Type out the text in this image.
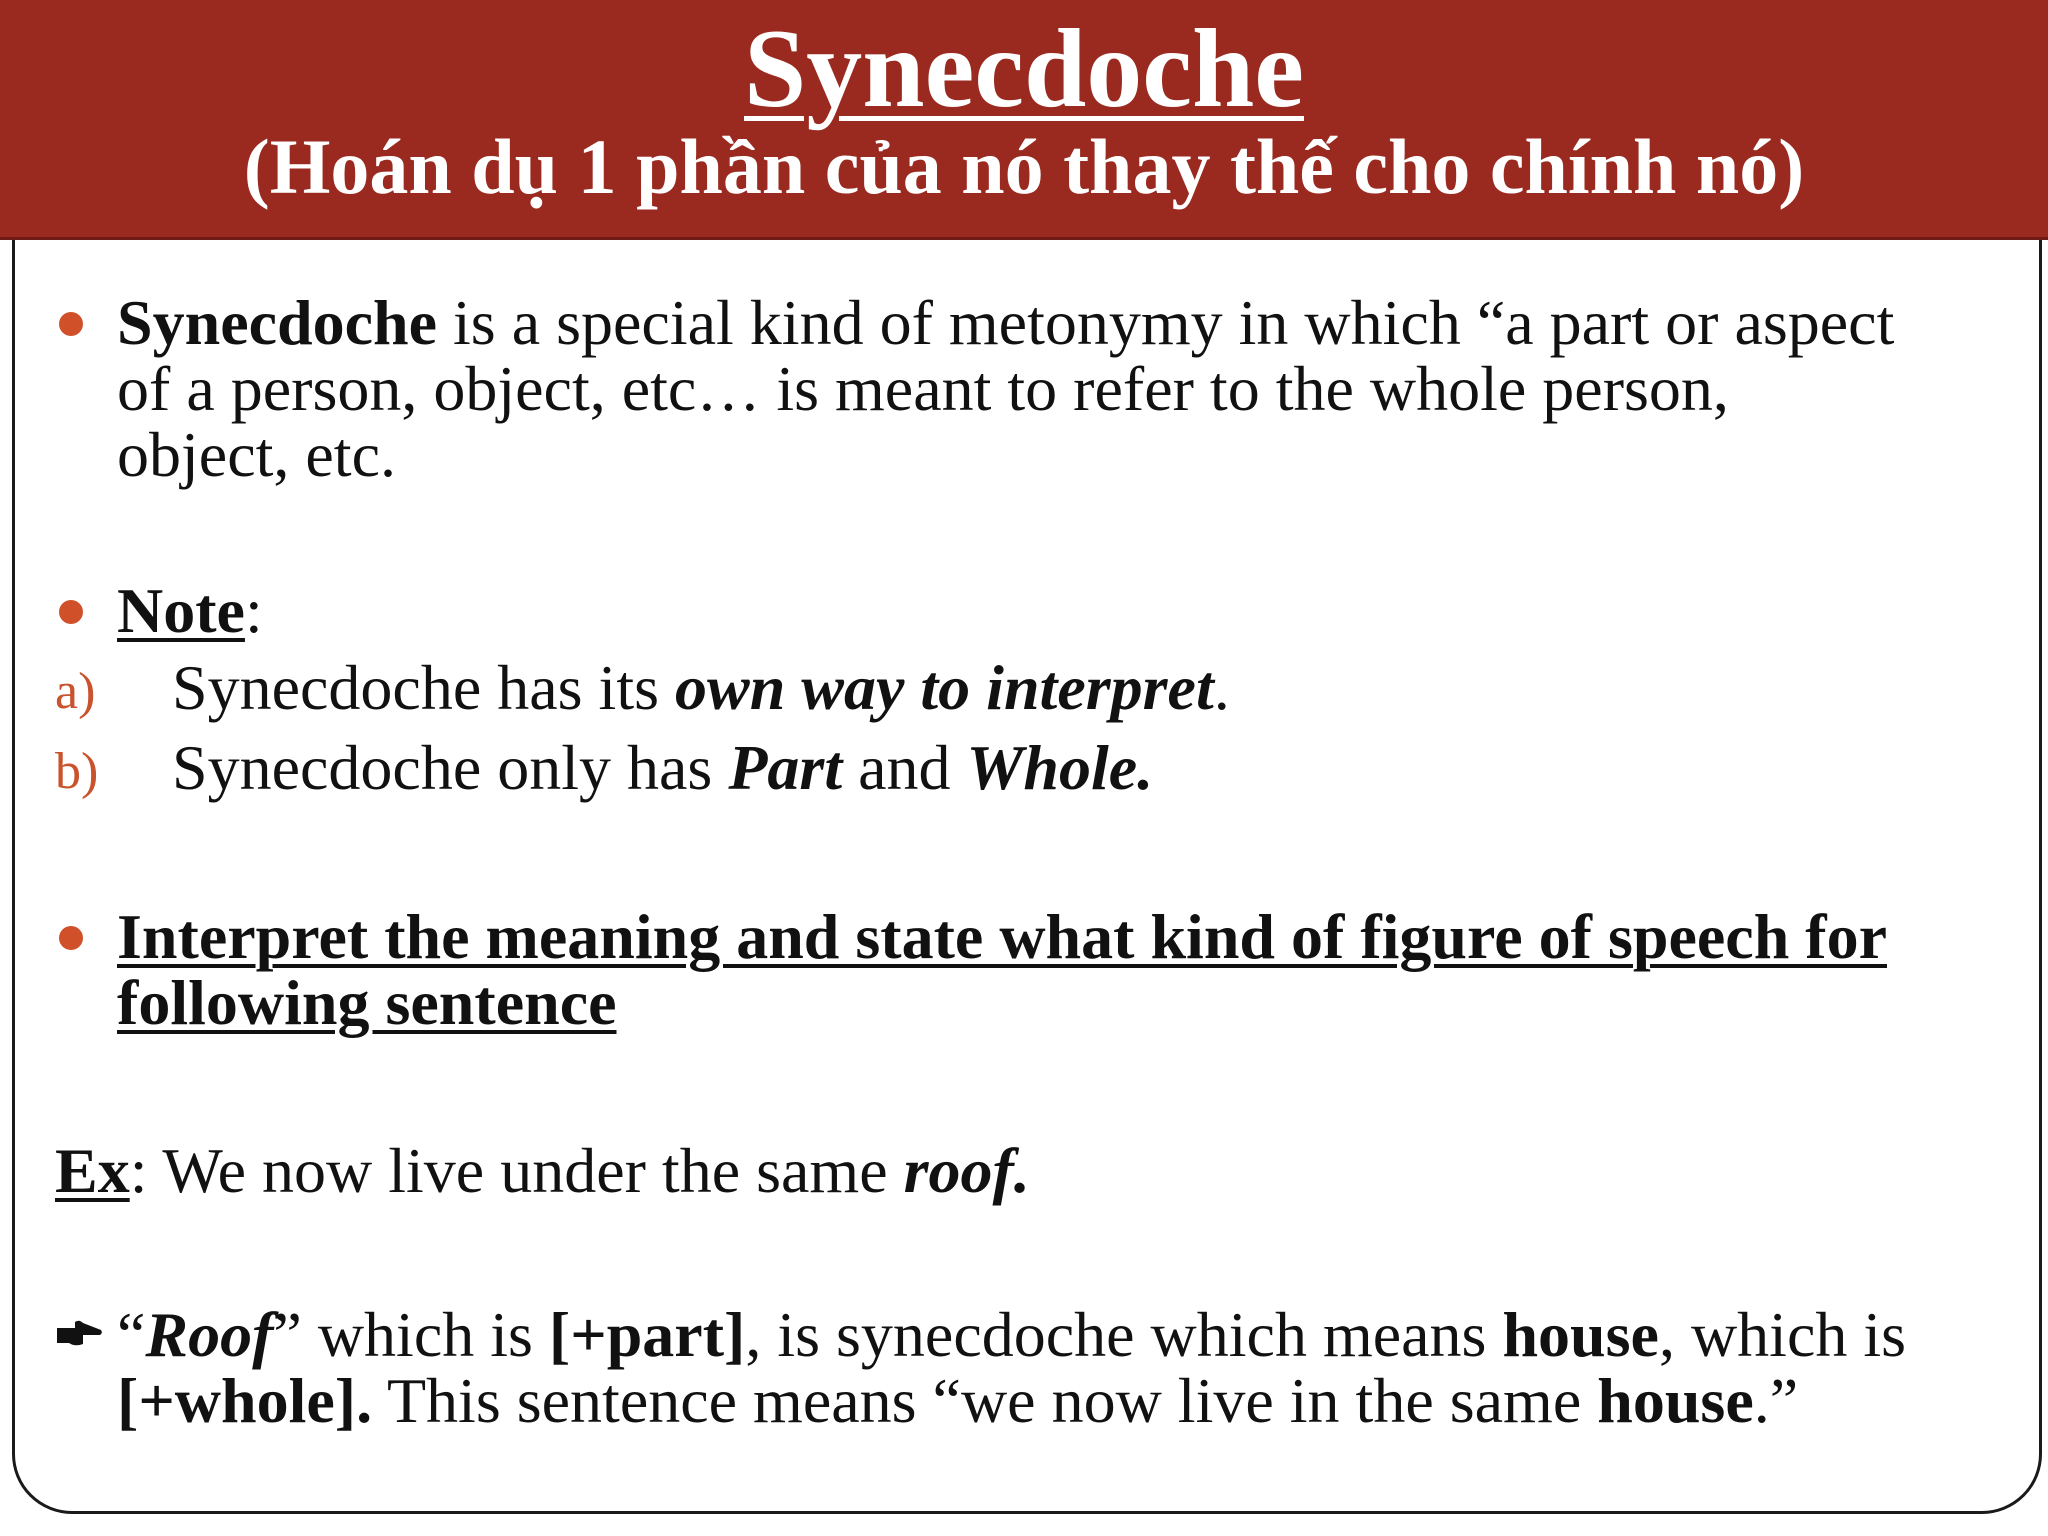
Synecdoche
(Hoán dụ 1 phần của nó thay thế cho chính nó)
Synecdoche is a special kind of metonymy in which “a part or aspect of a person, object, etc… is meant to refer to the whole person, object, etc.
Note:
a) Synecdoche has its own way to interpret.
b) Synecdoche only has Part and Whole.
Interpret the meaning and state what kind of figure of speech for following sentence
Ex: We now live under the same roof.
“Roof” which is [+part], is synecdoche which means house, which is [+whole]. This sentence means “we now live in the same house.”
